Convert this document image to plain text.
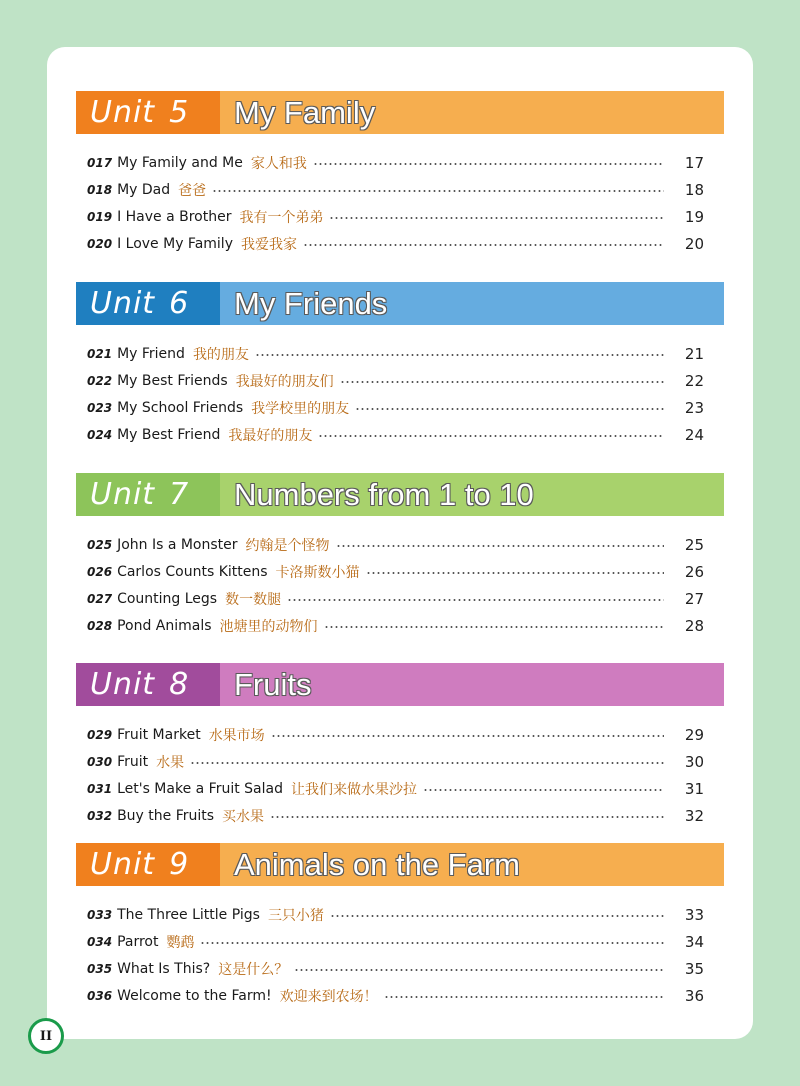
Unit 5	My Family
017 My Family and Me 家人和我	17
018 My Dad 爸爸	18
019 I Have a Brother 我有一个弟弟	19
020 I Love My Family 我爱我家	20
Unit 6	My Friends
021 My Friend 我的朋友	21
022 My Best Friends 我最好的朋友们	22
023 My School Friends 我学校里的朋友	23
024 My Best Friend 我最好的朋友	24
Unit 7	Numbers from 1 to 10
025 John Is a Monster 约翰是个怪物	25
026 Carlos Counts Kittens 卡洛斯数小猫	26
027 Counting Legs 数一数腿	27
028 Pond Animals 池塘里的动物们	28
Unit 8	Fruits
029 Fruit Market 水果市场	29
030 Fruit 水果	30
031 Let's Make a Fruit Salad 让我们来做水果沙拉	31
032 Buy the Fruits 买水果	32
Unit 9	Animals on the Farm
033 The Three Little Pigs 三只小猪	33
034 Parrot 鹦鹉	34
035 What Is This? 这是什么？	35
036 Welcome to the Farm! 欢迎来到农场！	36
II
